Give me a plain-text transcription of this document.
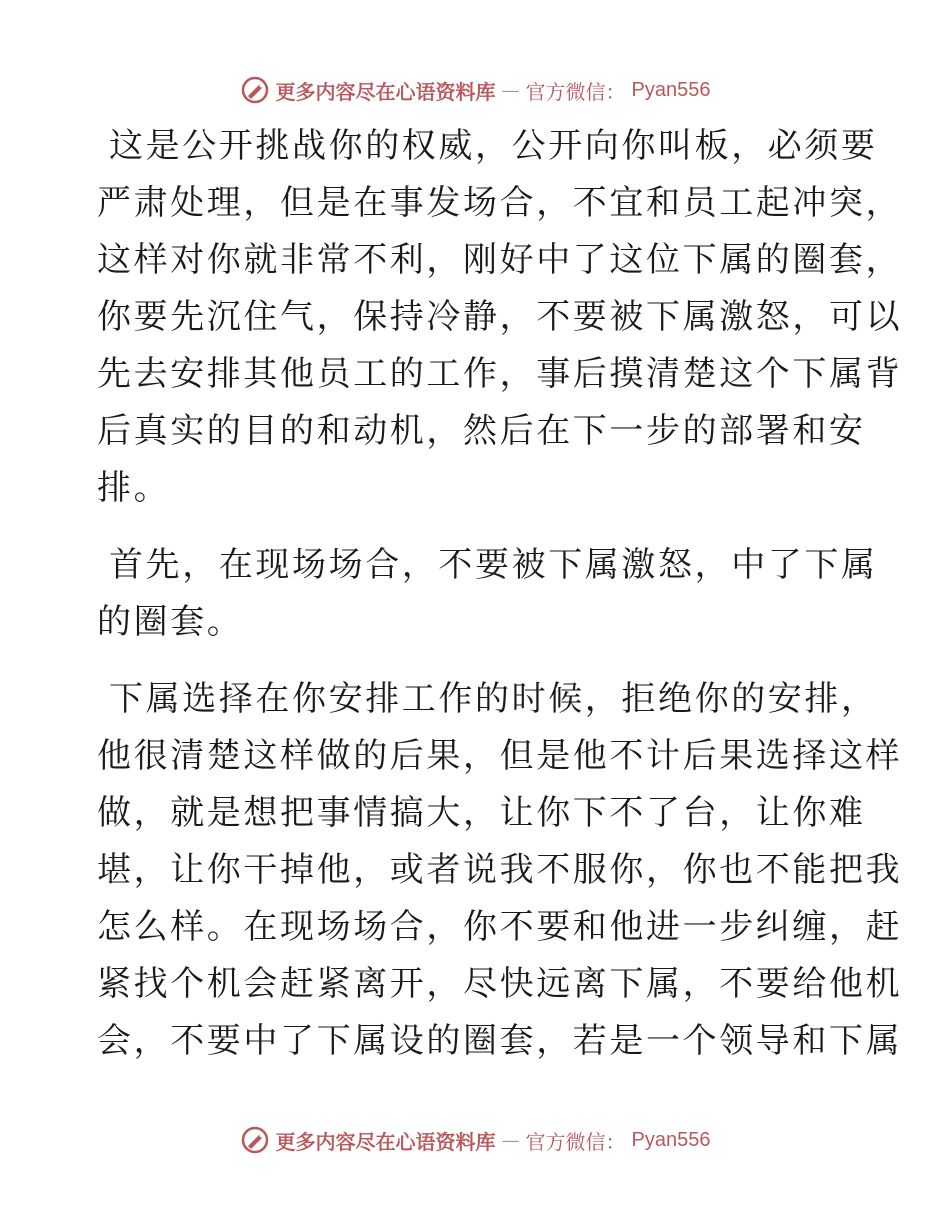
更多内容尽在心语资料库 — 官方微信： Pyan556
这是公开挑战你的权威，公开向你叫板，必须要
严肃处理，但是在事发场合，不宜和员工起冲突，
这样对你就非常不利，刚好中了这位下属的圈套，
你要先沉住气，保持冷静，不要被下属激怒，可以
先去安排其他员工的工作，事后摸清楚这个下属背
后真实的目的和动机，然后在下一步的部署和安
排。
首先，在现场场合，不要被下属激怒，中了下属
的圈套。
下属选择在你安排工作的时候，拒绝你的安排，
他很清楚这样做的后果，但是他不计后果选择这样
做，就是想把事情搞大，让你下不了台，让你难
堪，让你干掉他，或者说我不服你，你也不能把我
怎么样。在现场场合，你不要和他进一步纠缠，赶
紧找个机会赶紧离开，尽快远离下属，不要给他机
会，不要中了下属设的圈套，若是一个领导和下属
更多内容尽在心语资料库 — 官方微信： Pyan556
